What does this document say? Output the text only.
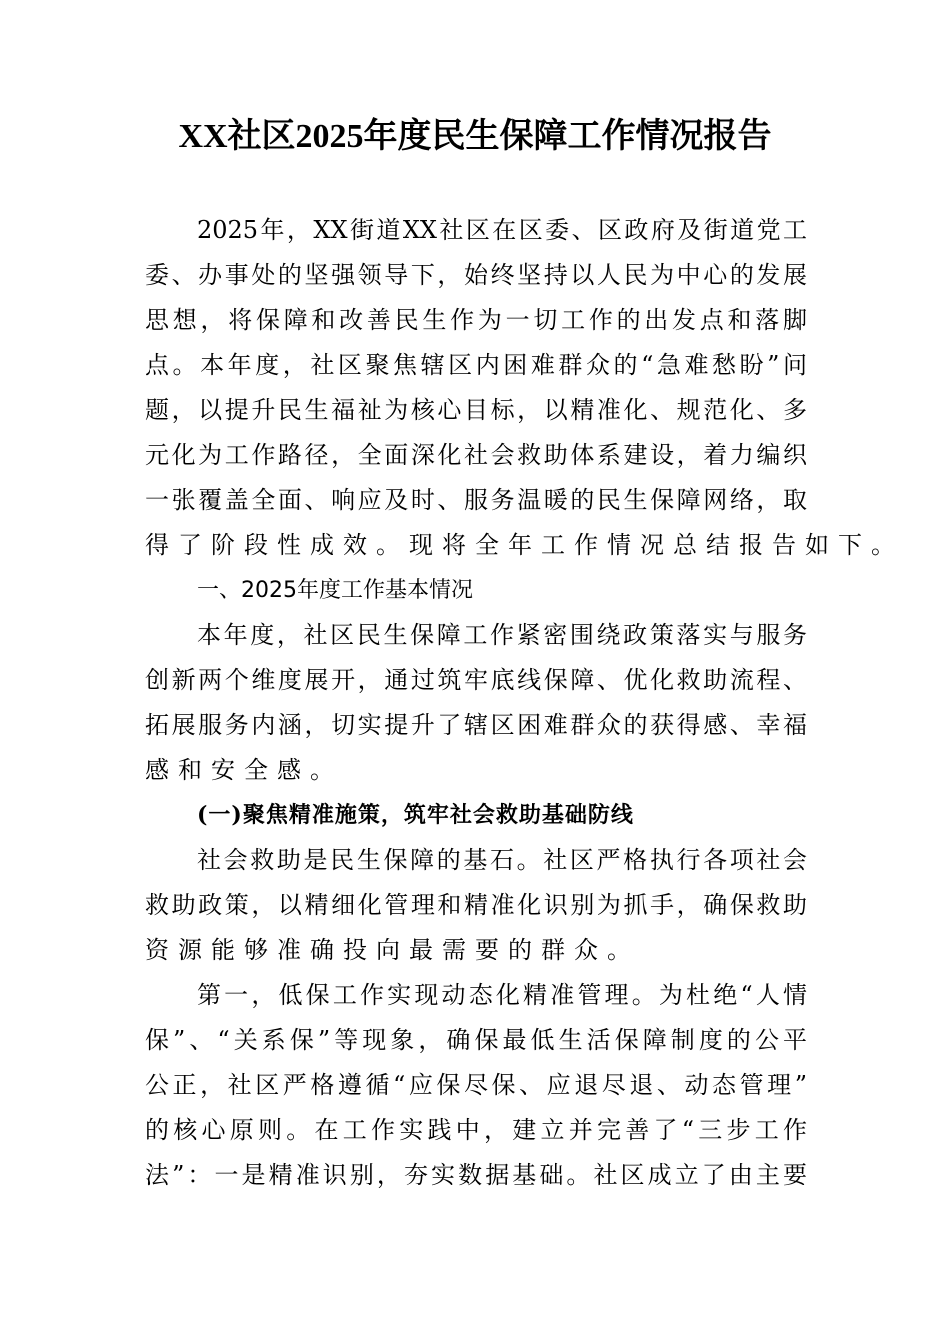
XX社区2025年度民生保障工作情况报告
2025年，XX街道XX社区在区委、区政府及街道党工
委、办事处的坚强领导下，始终坚持以人民为中心的发展
思想，将保障和改善民生作为一切工作的出发点和落脚
点。本年度，社区聚焦辖区内困难群众的“急难愁盼”问
题，以提升民生福祉为核心目标，以精准化、规范化、多
元化为工作路径，全面深化社会救助体系建设，着力编织
一张覆盖全面、响应及时、服务温暖的民生保障网络，取
得了阶段性成效。现将全年工作情况总结报告如下。
一、2025年度工作基本情况
本年度，社区民生保障工作紧密围绕政策落实与服务
创新两个维度展开，通过筑牢底线保障、优化救助流程、
拓展服务内涵，切实提升了辖区困难群众的获得感、幸福
感和安全感。
(一)聚焦精准施策，筑牢社会救助基础防线
社会救助是民生保障的基石。社区严格执行各项社会
救助政策，以精细化管理和精准化识别为抓手，确保救助
资源能够准确投向最需要的群众。
第一，低保工作实现动态化精准管理。为杜绝“人情
保”、“关系保”等现象，确保最低生活保障制度的公平
公正，社区严格遵循“应保尽保、应退尽退、动态管理”
的核心原则。在工作实践中，建立并完善了“三步工作
法”：一是精准识别，夯实数据基础。社区成立了由主要
